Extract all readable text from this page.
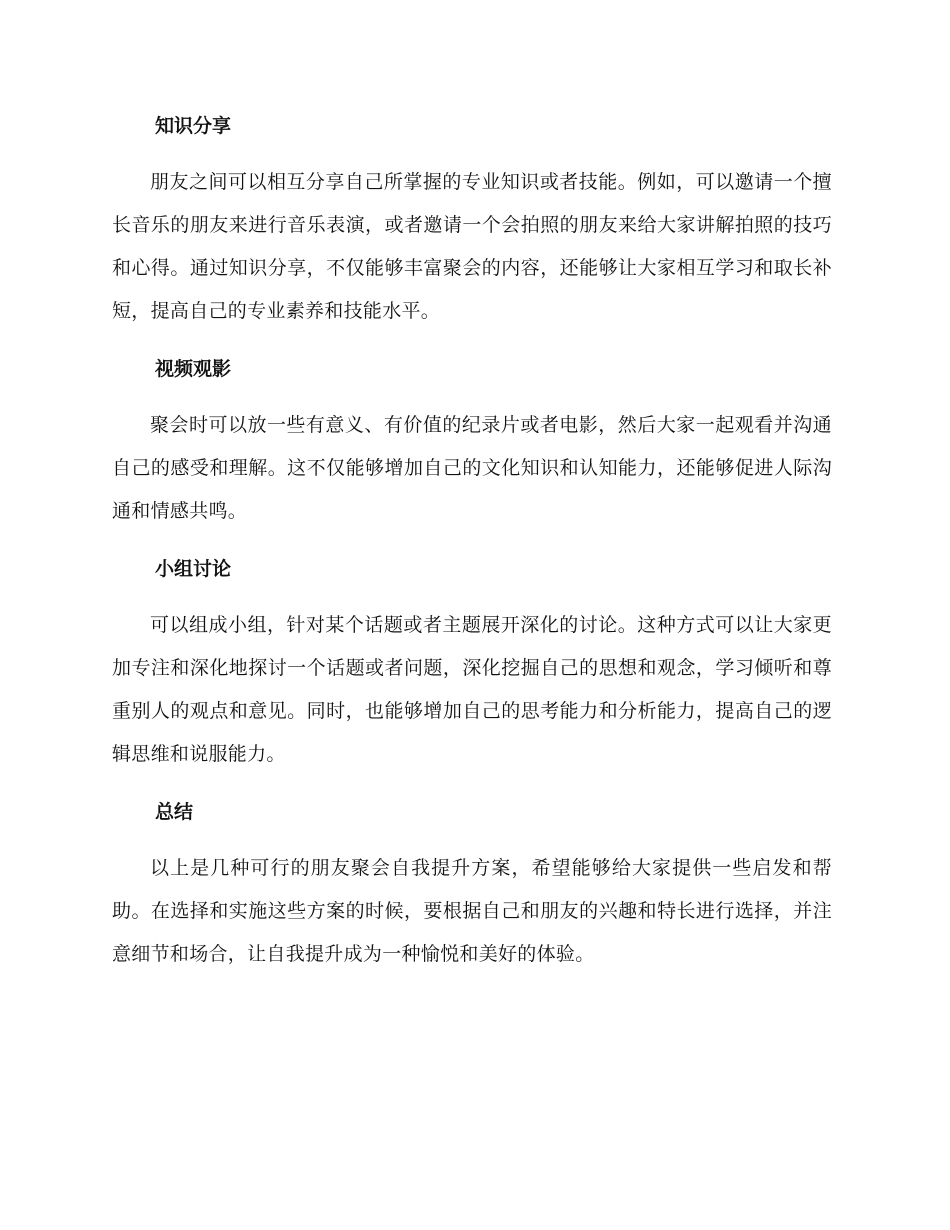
知识分享

朋友之间可以相互分享自己所掌握的专业知识或者技能。例如，可以邀请一个擅长音乐的朋友来进行音乐表演，或者邀请一个会拍照的朋友来给大家讲解拍照的技巧和心得。通过知识分享，不仅能够丰富聚会的内容，还能够让大家相互学习和取长补短，提高自己的专业素养和技能水平。

视频观影

聚会时可以放一些有意义、有价值的纪录片或者电影，然后大家一起观看并沟通自己的感受和理解。这不仅能够增加自己的文化知识和认知能力，还能够促进人际沟通和情感共鸣。

小组讨论

可以组成小组，针对某个话题或者主题展开深化的讨论。这种方式可以让大家更加专注和深化地探讨一个话题或者问题，深化挖掘自己的思想和观念，学习倾听和尊重别人的观点和意见。同时，也能够增加自己的思考能力和分析能力，提高自己的逻辑思维和说服能力。

总结

以上是几种可行的朋友聚会自我提升方案，希望能够给大家提供一些启发和帮助。在选择和实施这些方案的时候，要根据自己和朋友的兴趣和特长进行选择，并注意细节和场合，让自我提升成为一种愉悦和美好的体验。
